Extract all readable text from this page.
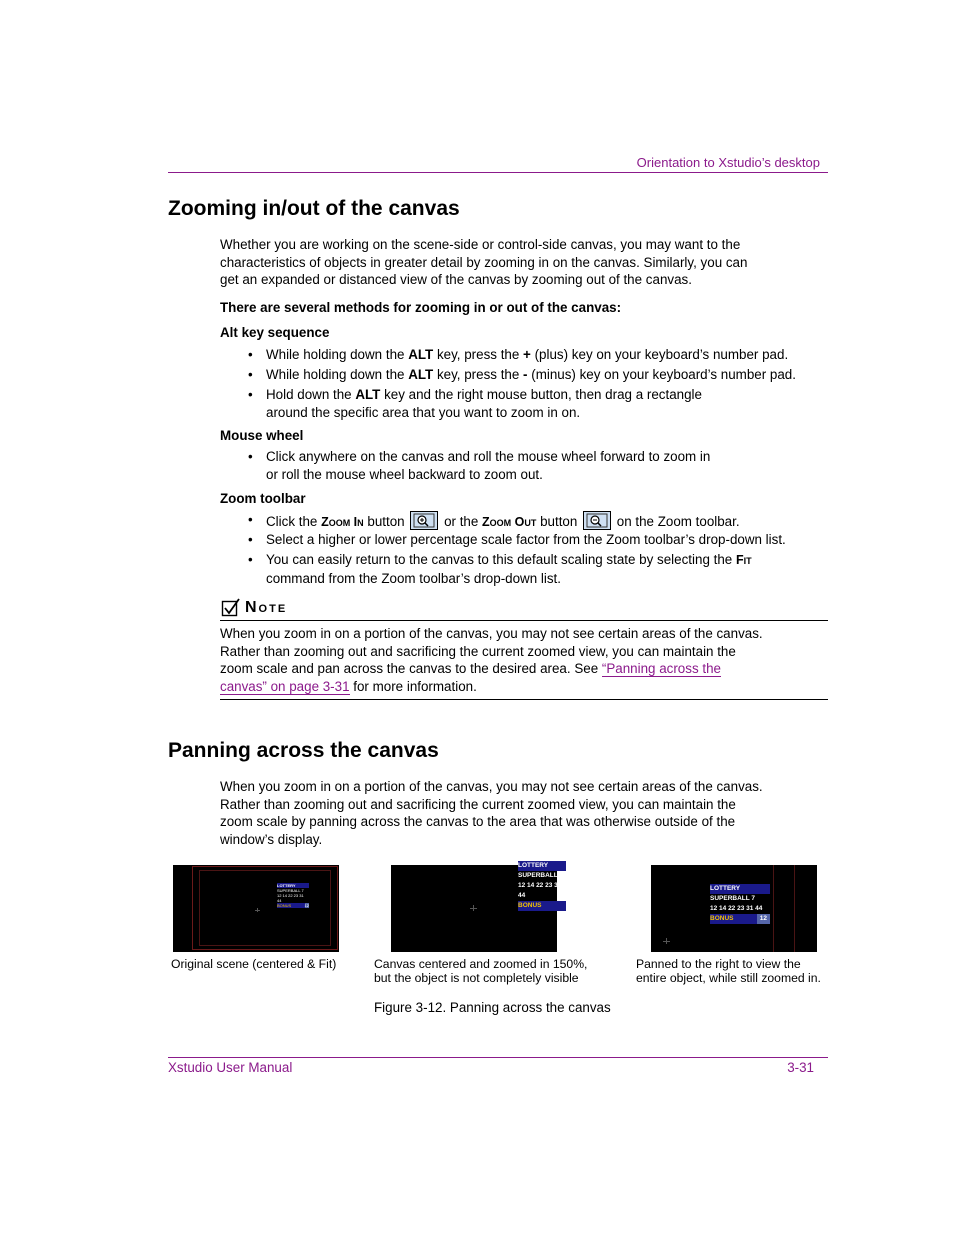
Orientation to Xstudio’s desktop
Zooming in/out of the canvas
Whether you are working on the scene-side or control-side canvas, you may want to the
characteristics of objects in greater detail by zooming in on the canvas. Similarly, you can
get an expanded or distanced view of the canvas by zooming out of the canvas.
There are several methods for zooming in or out of the canvas:
Alt key sequence
• While holding down the ALT key, press the + (plus) key on your keyboard’s number pad.
• While holding down the ALT key, press the - (minus) key on your keyboard’s number pad.
• Hold down the ALT key and the right mouse button, then drag a rectangle
around the specific area that you want to zoom in on.
Mouse wheel
• Click anywhere on the canvas and roll the mouse wheel forward to zoom in
or roll the mouse wheel backward to zoom out.
Zoom toolbar
• Click the Zoom In button
or the Zoom Out button
on the Zoom toolbar.
• Select a higher or lower percentage scale factor from the Zoom toolbar’s drop-down list.
• You can easily return to the canvas to this default scaling state by selecting the Fit
command from the Zoom toolbar’s drop-down list.
Note
When you zoom in on a portion of the canvas, you may not see certain areas of the canvas.
Rather than zooming out and sacrificing the current zoomed view, you can maintain the
zoom scale and pan across the canvas to the desired area. See “Panning across the
canvas” on page 3-31 for more information.
Panning across the canvas
When you zoom in on a portion of the canvas, you may not see certain areas of the canvas.
Rather than zooming out and sacrificing the current zoomed view, you can maintain the
zoom scale by panning across the canvas to the area that was otherwise outside of the
window’s display.
LOTTERY
SUPERBALL 7
12 14 22 23 31 44
BONUS	12
Original scene (centered & Fit)
LOTTERY
SUPERBALL 7
12 14 22 23 31 44
BONUS
Canvas centered and zoomed in 150%,
but the object is not completely visible
LOTTERY
SUPERBALL 7
12 14 22 23 31 44
BONUS	12
Panned to the right to view the
entire object, while still zoomed in.
Figure 3-12. Panning across the canvas
Xstudio User Manual	3-31
